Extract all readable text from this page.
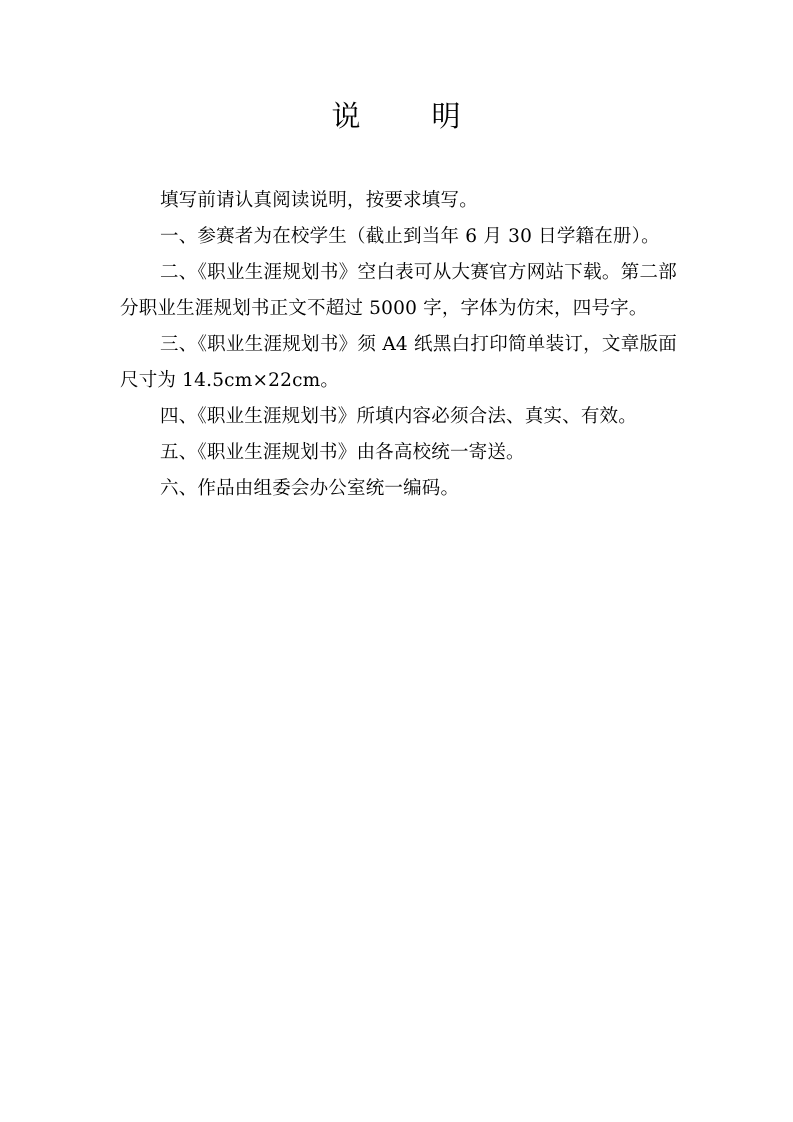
说 明

填写前请认真阅读说明，按要求填写。

一、参赛者为在校学生（截止到当年 6 月 30 日学籍在册）。

二、《职业生涯规划书》空白表可从大赛官方网站下载。第二部分职业生涯规划书正文不超过 5000 字，字体为仿宋，四号字。

三、《职业生涯规划书》须 A4 纸黑白打印简单装订，文章版面尺寸为 14.5cm×22cm。

四、《职业生涯规划书》所填内容必须合法、真实、有效。

五、《职业生涯规划书》由各高校统一寄送。

六、作品由组委会办公室统一编码。
